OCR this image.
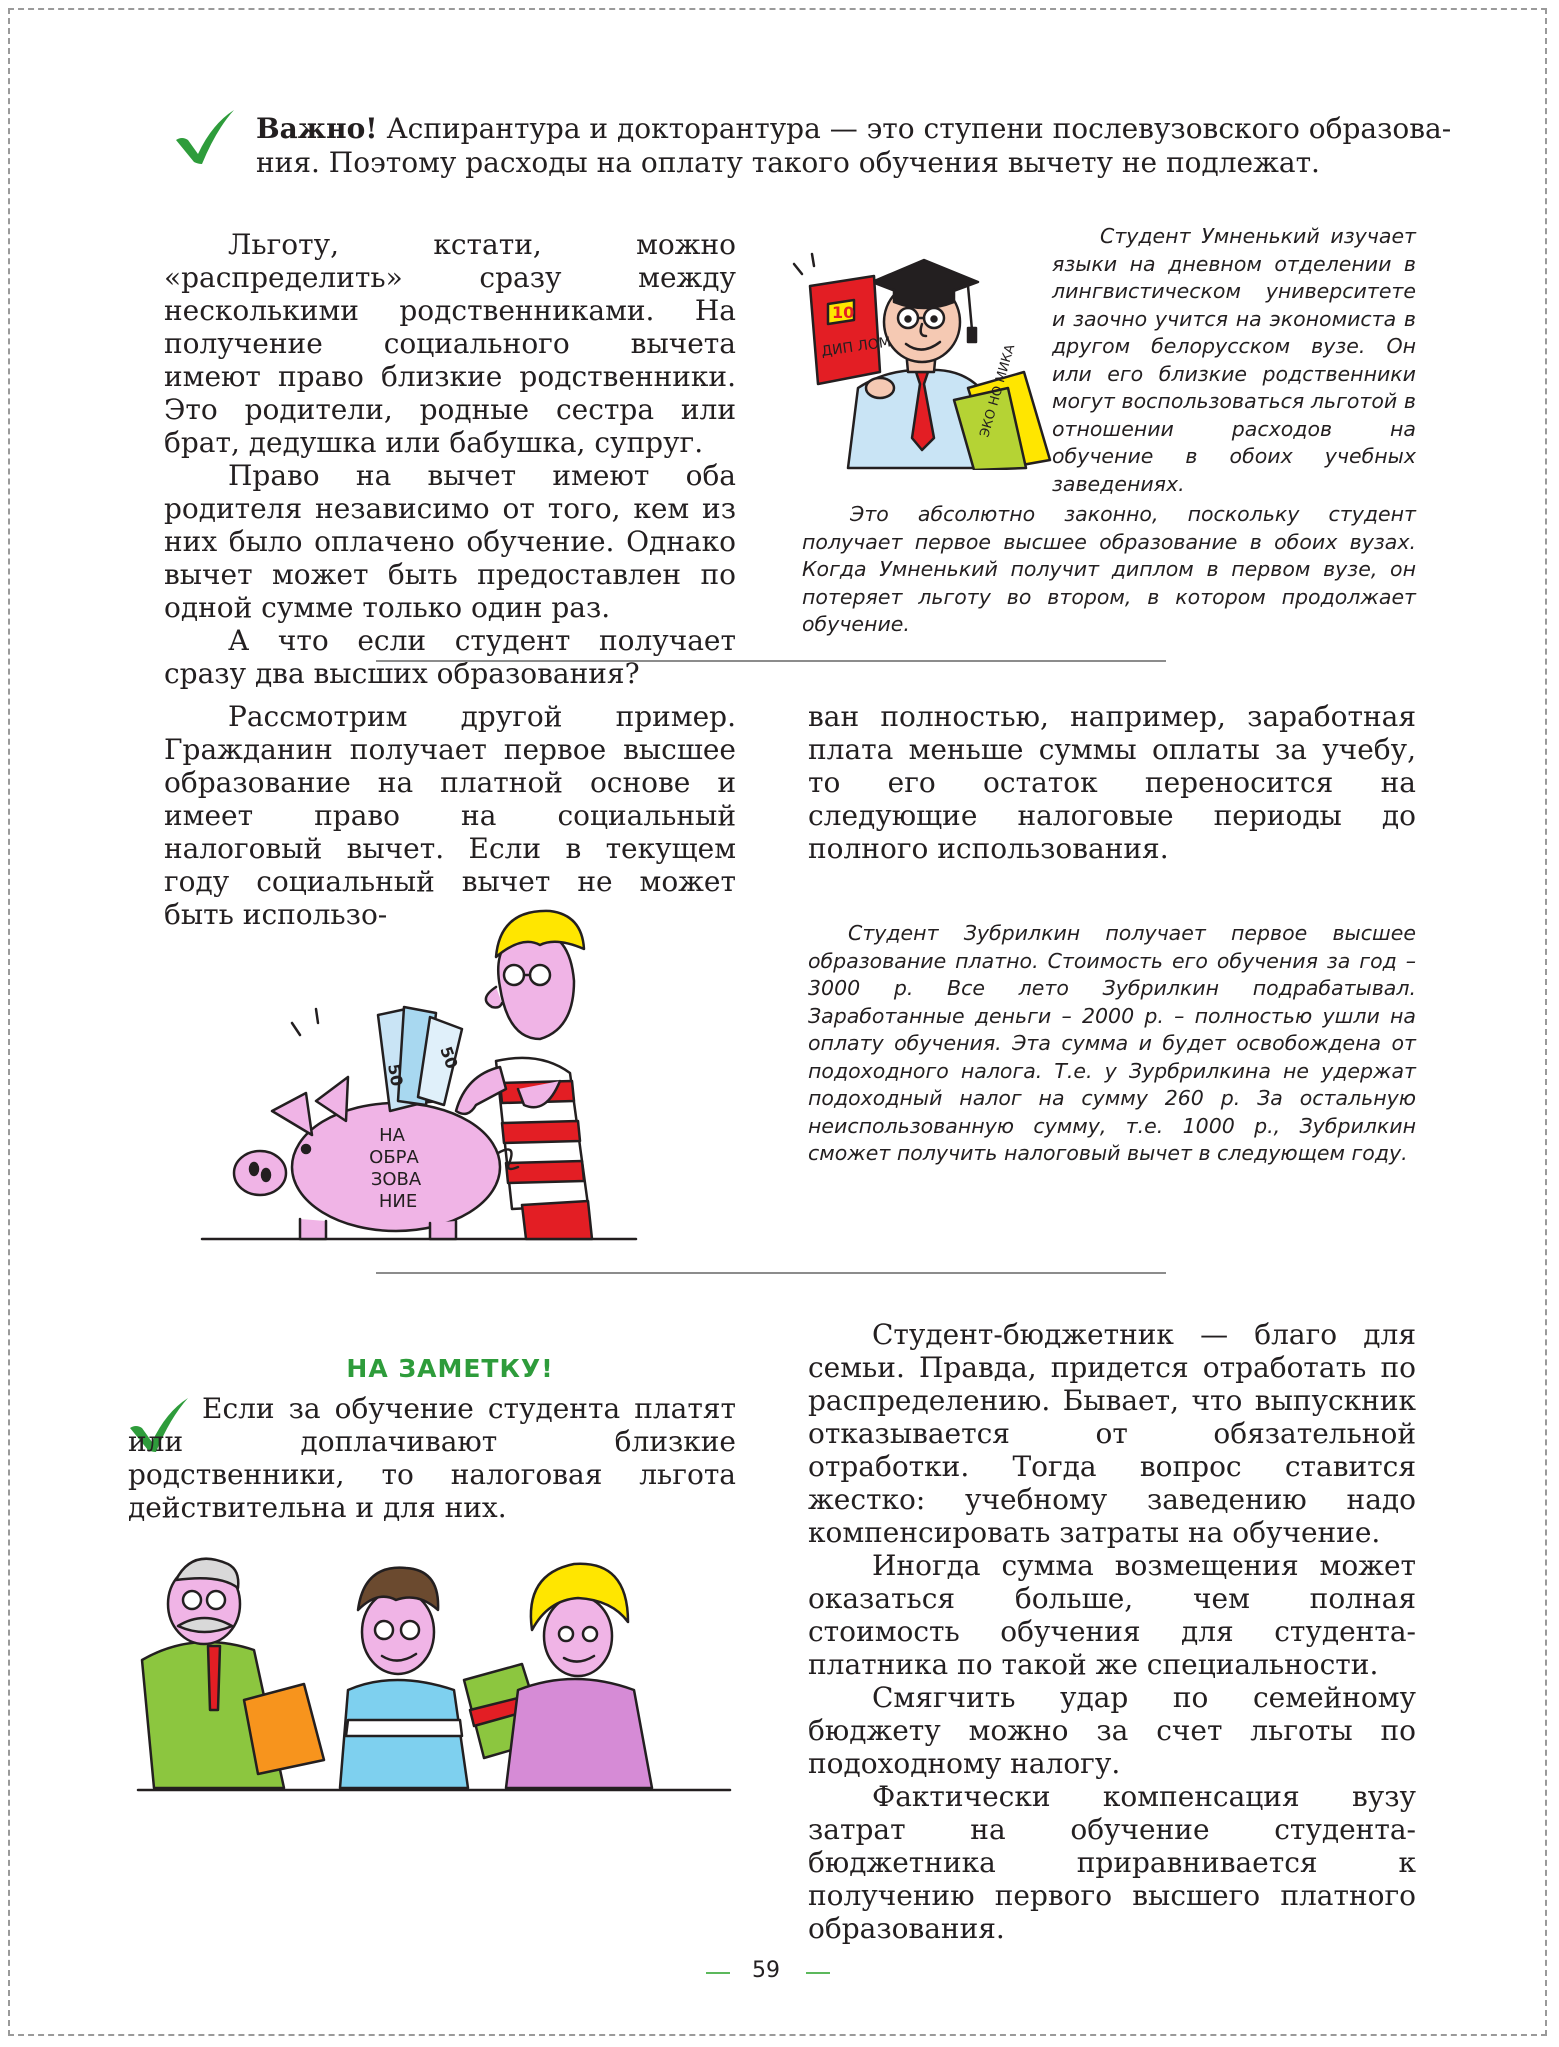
Важно! Аспирантура и докторантура — это ступени послевузовского образова-
ния. Поэтому расходы на оплату такого обучения вычету не подлежат.

Льготу, кстати, можно «распределить» сразу между несколькими родственниками. На получение социального вычета имеют право близкие родственники. Это родители, родные сестра или брат, дедушка или бабушка, супруг.

Право на вычет имеют оба родителя независимо от того, кем из них было оплачено обучение. Однако вычет может быть предоставлен по одной сумме только один раз.

А что если студент получает сразу два высших образования?

10
ДИП ЛОМ	ЭКО НО МИКА

Студент Умненький изучает языки на дневном отделении в лингвистическом университете и заочно учится на экономиста в другом белорусском вузе. Он или его близкие родственники могут воспользоваться льготой в отношении расходов на обучение в обоих учебных заведениях.

Это абсолютно законно, поскольку студент получает первое высшее образование в обоих вузах. Когда Умненький получит диплом в первом вузе, он потеряет льготу во втором, в котором продолжает обучение.

Рассмотрим другой пример. Гражданин получает первое высшее образование на платной основе и имеет право на социальный налоговый вычет. Если в текущем году социальный вычет не может быть использо-

ван полностью, например, заработная плата меньше суммы оплаты за учебу, то его остаток переносится на следующие налоговые периоды до полного использования.

50
50
НА
ОБРА
ЗОВА
НИЕ

Студент Зубрилкин получает первое высшее образование платно. Стоимость его обучения за год – 3000 р. Все лето Зубрилкин подрабатывал. Заработанные деньги – 2000 р. – полностью ушли на оплату обучения. Эта сумма и будет освобождена от подоходного налога. Т.е. у Зурбрилкина не удержат подоходный налог на сумму 260 р. За остальную неиспользованную сумму, т.е. 1000 р., Зубрилкин сможет получить налоговый вычет в следующем году.

НА ЗАМЕТКУ!

Если за обучение студента платят или доплачивают близкие родственники, то налоговая льгота действительна и для них.

Студент-бюджетник — благо для семьи. Правда, придется отработать по распределению. Бывает, что выпускник отказывается от обязательной отработки. Тогда вопрос ставится жестко: учебному заведению надо компенсировать затраты на обучение.

Иногда сумма возмещения может оказаться больше, чем полная стоимость обучения для студента-платника по такой же специальности.

Смягчить удар по семейному бюджету можно за счет льготы по подоходному налогу.

Фактически компенсация вузу затрат на обучение студента-бюджетника приравнивается к получению первого высшего платного образования.

59
